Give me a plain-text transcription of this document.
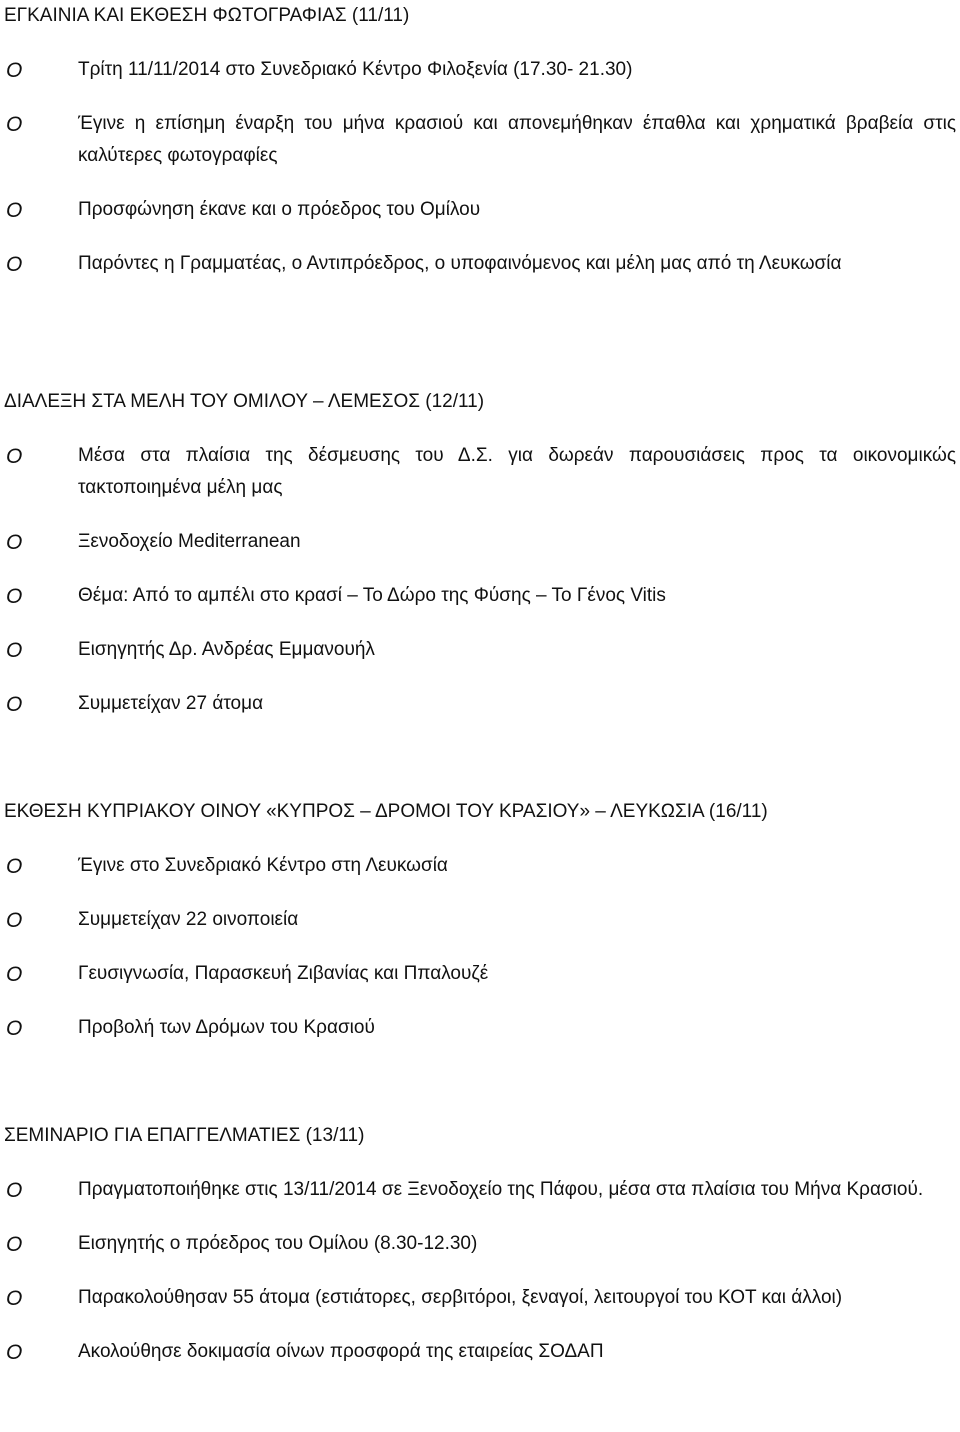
ΕΓΚΑΙΝΙΑ ΚΑΙ ΕΚΘΕΣΗ ΦΩΤΟΓΡΑΦΙΑΣ (11/11)
O	Τρίτη 11/11/2014 στο Συνεδριακό Κέντρο Φιλοξενία (17.30- 21.30)
O	Έγινε η επίσημη έναρξη του μήνα κρασιού και απονεμήθηκαν έπαθλα και χρηματικά βραβεία στις καλύτερες φωτογραφίες
O	Προσφώνηση έκανε και ο πρόεδρος του Ομίλου
O	Παρόντες η Γραμματέας, ο Αντιπρόεδρος, ο υποφαινόμενος και μέλη μας από τη Λευκωσία
ΔΙΑΛΕΞΗ ΣΤΑ ΜΕΛΗ ΤΟΥ ΟΜΙΛΟΥ – ΛΕΜΕΣΟΣ (12/11)
O	Μέσα στα πλαίσια της δέσμευσης του Δ.Σ. για δωρεάν παρουσιάσεις προς τα οικονομικώς τακτοποιημένα μέλη μας
O	Ξενοδοχείο Mediterranean
O	Θέμα: Από το αμπέλι στο κρασί – Το Δώρο της Φύσης – Το Γένος Vitis
O	Εισηγητής Δρ. Ανδρέας Εμμανουήλ
O	Συμμετείχαν 27 άτομα
ΕΚΘΕΣΗ ΚΥΠΡΙΑΚΟΥ ΟΙΝΟΥ «ΚΥΠΡΟΣ – ΔΡΟΜΟΙ ΤΟΥ ΚΡΑΣΙΟΥ» – ΛΕΥΚΩΣΙΑ (16/11)
O	Έγινε στο Συνεδριακό Κέντρο στη Λευκωσία
O	Συμμετείχαν 22 οινοποιεία
O	Γευσιγνωσία, Παρασκευή Ζιβανίας και Ππαλουζέ
O	Προβολή των Δρόμων του Κρασιού
ΣΕΜΙΝΑΡΙΟ ΓΙΑ ΕΠΑΓΓΕΛΜΑΤΙΕΣ (13/11)
O	Πραγματοποιήθηκε στις 13/11/2014 σε Ξενοδοχείο της Πάφου, μέσα στα πλαίσια του Μήνα Κρασιού.
O	Εισηγητής ο πρόεδρος του Ομίλου (8.30-12.30)
O	Παρακολούθησαν 55 άτομα (εστιάτορες, σερβιτόροι, ξεναγοί, λειτουργοί του ΚΟΤ και άλλοι)
O	Ακολούθησε δοκιμασία οίνων προσφορά της εταιρείας ΣΟΔΑΠ
